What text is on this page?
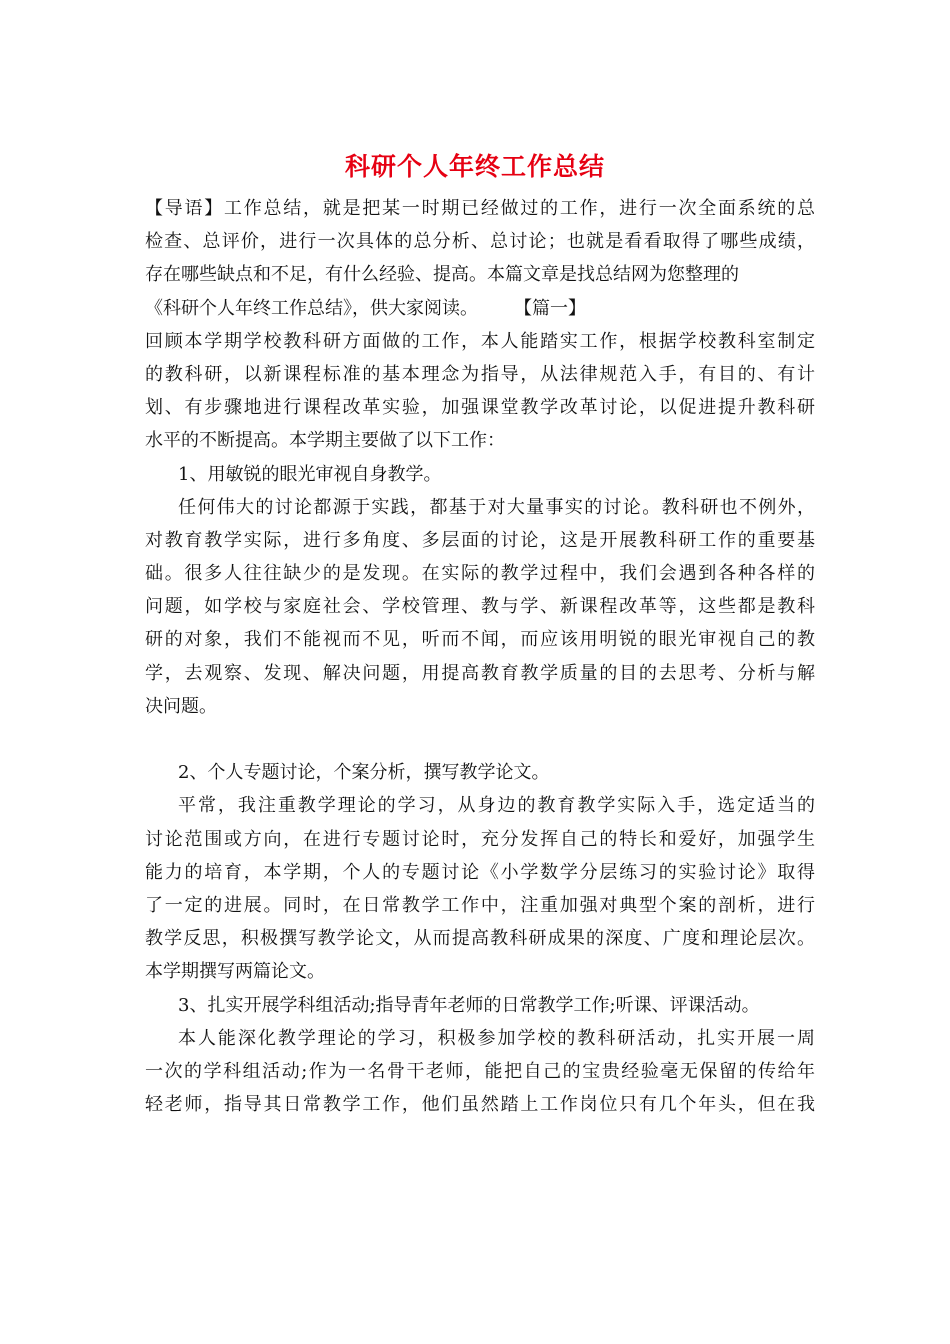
科研个人年终工作总结
【导语】工作总结，就是把某一时期已经做过的工作，进行一次全面系统的总
检查、总评价，进行一次具体的总分析、总讨论；也就是看看取得了哪些成绩，
存在哪些缺点和不足，有什么经验、提高。本篇文章是找总结网为您整理的
《科研个人年终工作总结》，供大家阅读。　　　【篇一】
回顾本学期学校教科研方面做的工作，本人能踏实工作，根据学校教科室制定
的教科研，以新课程标准的基本理念为指导，从法律规范入手，有目的、有计
划、有步骤地进行课程改革实验，加强课堂教学改革讨论，以促进提升教科研
水平的不断提高。本学期主要做了以下工作：
1、用敏锐的眼光审视自身教学。
任何伟大的讨论都源于实践，都基于对大量事实的讨论。教科研也不例外，
对教育教学实际，进行多角度、多层面的讨论，这是开展教科研工作的重要基
础。很多人往往缺少的是发现。在实际的教学过程中，我们会遇到各种各样的
问题，如学校与家庭社会、学校管理、教与学、新课程改革等，这些都是教科
研的对象，我们不能视而不见，听而不闻，而应该用明锐的眼光审视自己的教
学，去观察、发现、解决问题，用提高教育教学质量的目的去思考、分析与解
决问题。
2、个人专题讨论，个案分析，撰写教学论文。
平常，我注重教学理论的学习，从身边的教育教学实际入手，选定适当的
讨论范围或方向，在进行专题讨论时，充分发挥自己的特长和爱好，加强学生
能力的培育，本学期，个人的专题讨论《小学数学分层练习的实验讨论》取得
了一定的进展。同时，在日常教学工作中，注重加强对典型个案的剖析，进行
教学反思，积极撰写教学论文，从而提高教科研成果的深度、广度和理论层次。
本学期撰写两篇论文。
3、扎实开展学科组活动;指导青年老师的日常教学工作;听课、评课活动。
本人能深化教学理论的学习，积极参加学校的教科研活动，扎实开展一周
一次的学科组活动;作为一名骨干老师，能把自己的宝贵经验毫无保留的传给年
轻老师，指导其日常教学工作，他们虽然踏上工作岗位只有几个年头，但在我
